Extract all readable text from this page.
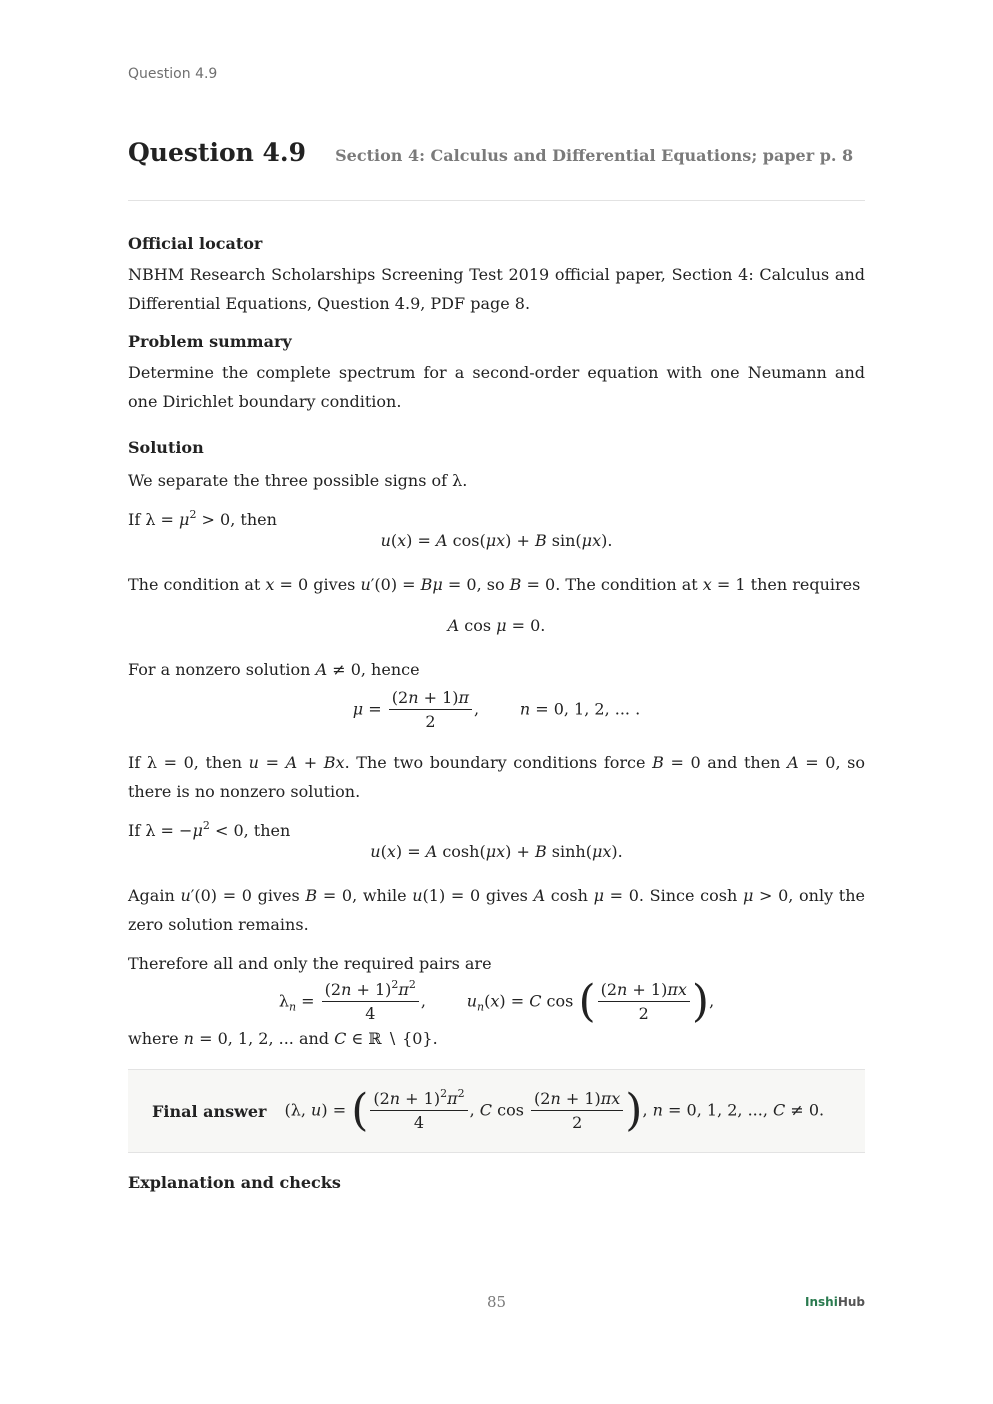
Question 4.9
Question 4.9 Section 4: Calculus and Differential Equations; paper p. 8
Official locator

NBHM Research Scholarships Screening Test 2019 official paper, Section 4: Calculus and Differential Equations, Question 4.9, PDF page 8.

Problem summary

Determine the complete spectrum for a second-order equation with one Neumann and one Dirichlet boundary condition.

Solution

We separate the three possible signs of λ.

If $\lambda = \mu^2 > 0$, then

u(x) = A cos(μx) + B sin(μx).

The condition at x = 0 gives u′(0) = Bμ = 0, so B = 0. The condition at x = 1 then requires

A cos μ = 0.

For a nonzero solution A ≠ 0, hence

$\mu = \frac{(2n + 1)\pi}{2}$ ,        n = 0, 1, 2, ... .

If λ = 0, then u = A + Bx. The two boundary conditions force B = 0 and then A = 0, so there is no nonzero solution.

If $\lambda = -\mu^2 < 0$, then

u(x) = A cosh(μx) + B sinh(μx).

Again u′(0) = 0 gives B = 0, while u(1) = 0 gives A cosh μ = 0. Since cosh μ > 0, only the zero solution remains.

Therefore all and only the required pairs are

$\lambda_n = \frac{(2n + 1)^2\pi^2}{4}$ ,        $u_n(x) = C$ cos ( $\frac{(2n + 1)\pi x}{2}$ ),

where n = 0, 1, 2, ... and C ∈ ℝ ∖ {0}.

Final answer (λ, u) = ( $\frac{(2n + 1)^2\pi^2}{4}$ , C $\cos \frac{(2n + 1)\pi x}{2}$ ), n = 0, 1, 2, ..., C ≠ 0.
Explanation and checks
85	InshiHub
